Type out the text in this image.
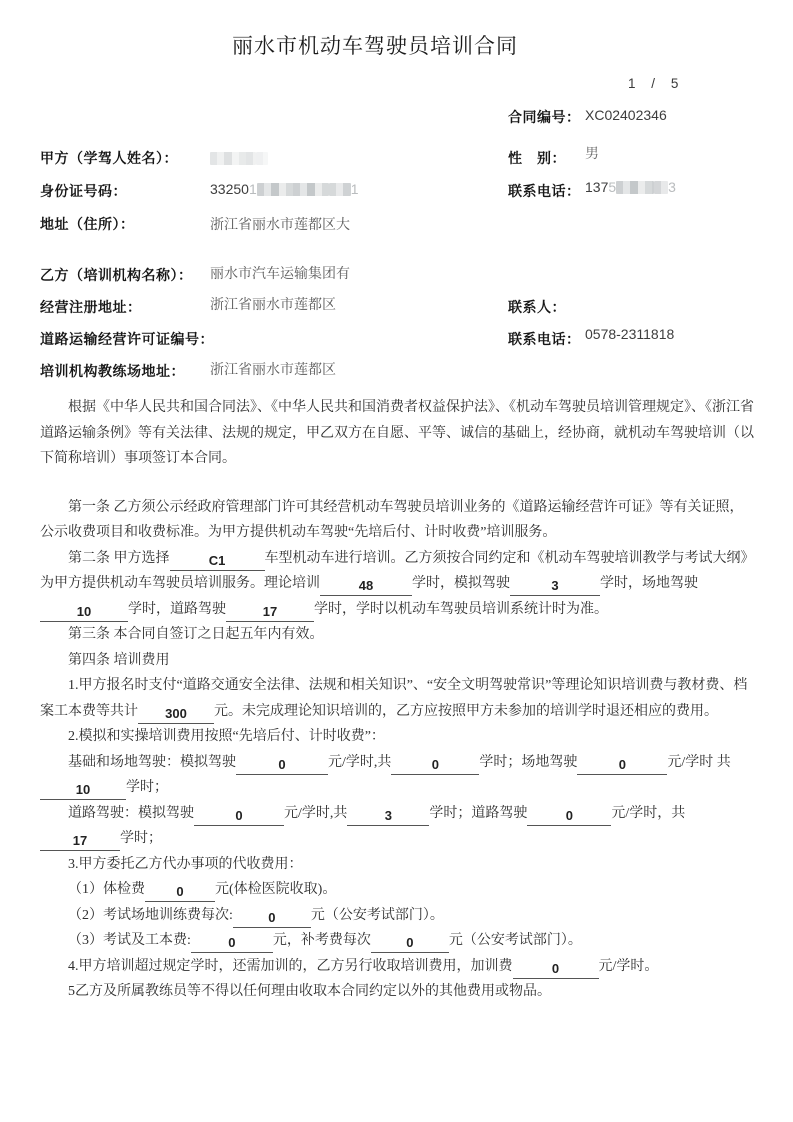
丽水市机动车驾驶员培训合同
1 / 5
合同编号： XC02402346
甲方（学驾人姓名）：	性　别： 男
身份证号码：	332501	1	联系电话： 1375	3
地址（住所）：	浙江省丽水市莲都区大
乙方（培训机构名称）： 丽水市汽车运输集团有
经营注册地址：	浙江省丽水市莲都区	联系人：
道路运输经营许可证编号：	联系电话： 0578-2311818
培训机构教练场地址： 浙江省丽水市莲都区

根据《中华人民共和国合同法》、《中华人民共和国消费者权益保护法》、《机动车驾驶员培训管理规定》、《浙江省道路运输条例》等有关法律、法规的规定，甲乙双方在自愿、平等、诚信的基础上，经协商，就机动车驾驶培训（以下简称培训）事项签订本合同。

第一条 乙方须公示经政府管理部门许可其经营机动车驾驶员培训业务的《道路运输经营许可证》等有关证照，公示收费项目和收费标准。为甲方提供机动车驾驶“先培后付、计时收费”培训服务。

第二条 甲方选择	C1	车型机动车进行培训。乙方须按合同约定和《机动车驾驶培训教学与考试大纲》为甲方提供机动车驾驶员培训服务。理论培训	48	学时，模拟驾驶	3	学时，场地驾驶10	学时，道路驾驶	17	学时，学时以机动车驾驶员培训系统计时为准。

第三条 本合同自签订之日起五年内有效。

第四条 培训费用

1.甲方报名时支付“道路交通安全法律、法规和相关知识”、“安全文明驾驶常识”等理论知识培训费与教材费、档案工本费等共计 300 元。未完成理论知识培训的，乙方应按照甲方未参加的培训学时退还相应的费用。

2.模拟和实操培训费用按照“先培后付、计时收费”：

基础和场地驾驶：模拟驾驶	0	元/学时,共	0	学时；场地驾驶	0	元/学时 共10	学时；

道路驾驶：模拟驾驶	0	元/学时,共	3	学时；道路驾驶	0	元/学时，共17 学时；

3.甲方委托乙方代办事项的代收费用：

（1）体检费 0 元(体检医院收取)。

（2）考试场地训练费每次:	0	元（公安考试部门）。

（3）考试及工本费:	0	元，补考费每次	0	元（公安考试部门）。

4.甲方培训超过规定学时，还需加训的，乙方另行收取培训费用，加训费	0	元/学时。

5乙方及所属教练员等不得以任何理由收取本合同约定以外的其他费用或物品。
